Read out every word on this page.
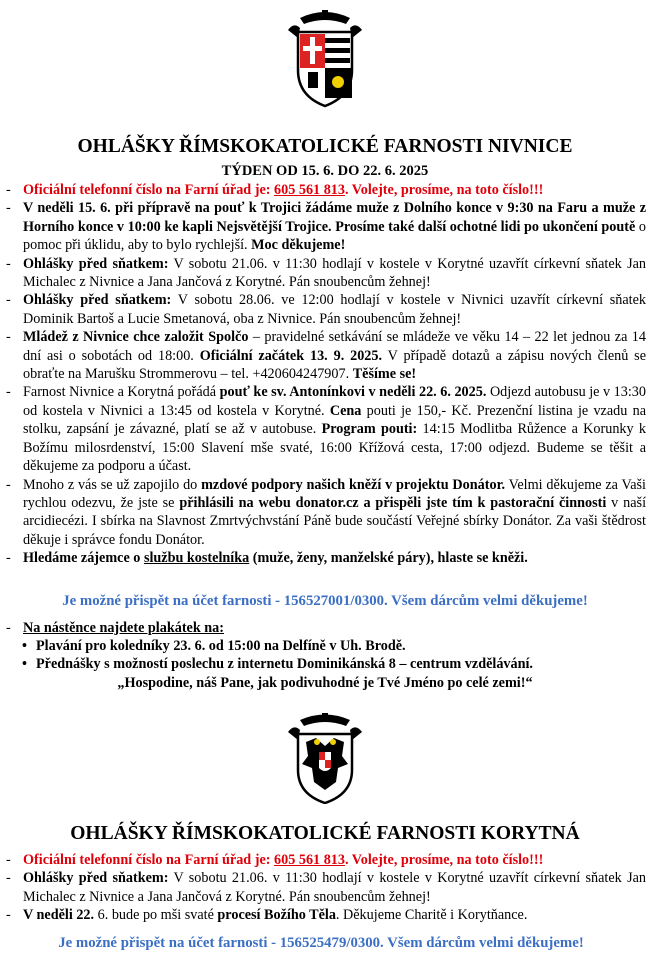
OHLÁŠKY ŘÍMSKOKATOLICKÉ FARNOSTI NIVNICE
TÝDEN OD 15. 6. DO 22. 6. 2025
- Oficiální telefonní číslo na Farní úřad je: 605 561 813. Volejte, prosíme, na toto číslo!!!
- V neděli 15. 6. při přípravě na pouť k Trojici žádáme muže z Dolního konce v 9:30 na Faru a muže z Horního konce v 10:00 ke kapli Nejsvětější Trojice. Prosíme také další ochotné lidi po ukončení poutě o pomoc při úklidu, aby to bylo rychlejší. Moc děkujeme!
- Ohlášky před sňatkem: V sobotu 21.06. v 11:30 hodlají v kostele v Korytné uzavřít církevní sňatek Jan Michalec z Nivnice a Jana Jančová z Korytné. Pán snoubencům žehnej!
- Ohlášky před sňatkem: V sobotu 28.06. ve 12:00 hodlají v kostele v Nivnici uzavřít církevní sňatek Dominik Bartoš a Lucie Smetanová, oba z Nivnice. Pán snoubencům žehnej!
- Mládež z Nivnice chce založit Spolčo – pravidelné setkávání se mládeže ve věku 14 – 22 let jednou za 14 dní asi o sobotách od 18:00. Oficiální začátek 13. 9. 2025. V případě dotazů a zápisu nových členů se obraťte na Marušku Strommerovu – tel. +420604247907. Těšíme se!
- Farnost Nivnice a Korytná pořádá pouť ke sv. Antonínkovi v neděli 22. 6. 2025. Odjezd autobusu je v 13:30 od kostela v Nivnici a 13:45 od kostela v Korytné. Cena pouti je 150,- Kč. Prezenční listina je vzadu na stolku, zapsání je závazné, platí se až v autobuse. Program pouti: 14:15 Modlitba Růžence a Korunky k Božímu milosrdenství, 15:00 Slavení mše svaté, 16:00 Křížová cesta, 17:00 odjezd. Budeme se těšit a děkujeme za podporu a účast.
- Mnoho z vás se už zapojilo do mzdové podpory našich kněží v projektu Donátor. Velmi děkujeme za Vaši rychlou odezvu, že jste se přihlásili na webu donator.cz a přispěli jste tím k pastorační činnosti v naší arcidiecézi. I sbírka na Slavnost Zmrtvýchvstání Páně bude součástí Veřejné sbírky Donátor. Za vaši štědrost děkuje i správce fondu Donátor.
- Hledáme zájemce o službu kostelníka (muže, ženy, manželské páry), hlaste se kněži.
Je možné přispět na účet farnosti - 156527001/0300. Všem dárcům velmi děkujeme!
- Na nástěnce najdete plakátek na:
• Plavání pro koledníky 23. 6. od 15:00 na Delfíně v Uh. Brodě.
• Přednášky s možností poslechu z internetu Dominikánská 8 – centrum vzdělávání.
„Hospodine, náš Pane, jak podivuhodné je Tvé Jméno po celé zemi!“
OHLÁŠKY ŘÍMSKOKATOLICKÉ FARNOSTI KORYTNÁ
- Oficiální telefonní číslo na Farní úřad je: 605 561 813. Volejte, prosíme, na toto číslo!!!
- Ohlášky před sňatkem: V sobotu 21.06. v 11:30 hodlají v kostele v Korytné uzavřít církevní sňatek Jan Michalec z Nivnice a Jana Jančová z Korytné. Pán snoubencům žehnej!
- V neděli 22. 6. bude po mši svaté procesí Božího Těla. Děkujeme Charitě i Korytňance.
Je možné přispět na účet farnosti - 156525479/0300. Všem dárcům velmi děkujeme!
